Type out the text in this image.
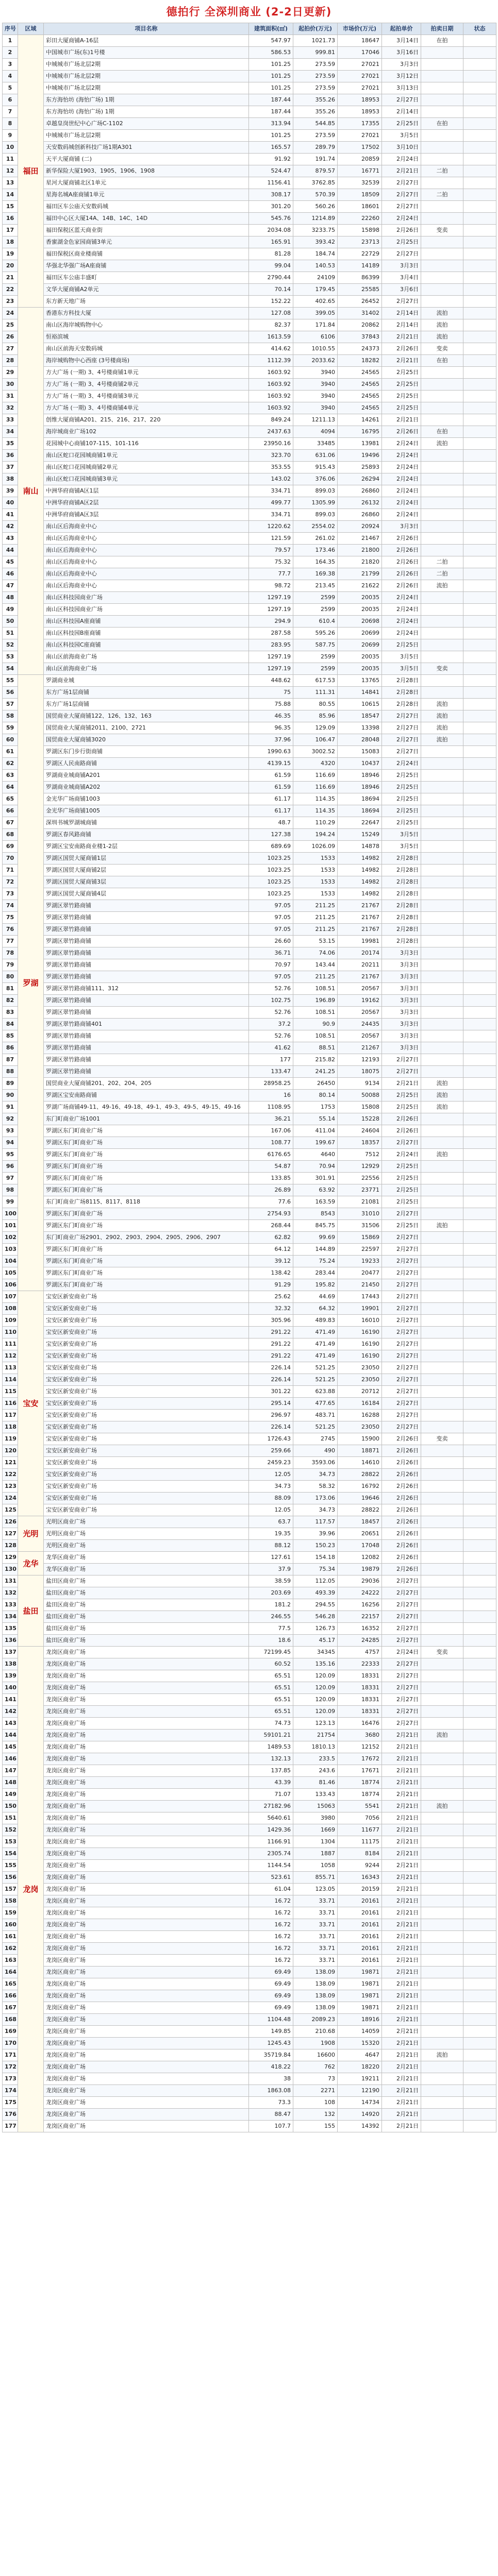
德拍行 全深圳商业 (2-2日更新)
序号	区域	项目名称	建筑面积(㎡)	起拍价(万元)	市场价(万元)	起拍单价	拍卖日期	状态
1	福田	彩田大厦商铺A-16层	547.97	1021.73	18647	3月14日	在拍	
2		中国城市广场(东)1号楼	586.53	999.81	17046	3月16日		
3		中城城市广场北层2期	101.25	273.59	27021	3月3日		
4		中城城市广场北层2期	101.25	273.59	27021	3月12日		
5		中城城市广场北层2期	101.25	273.59	27021	3月13日		
6		东方海怡坊 (海怡广场) 1期	187.44	355.26	18953	2月27日		
7		东方海怡坊 (海怡广场) 1期	187.44	355.26	18953	2月14日		
8		卓越皇岗世纪中心广场C-1102	313.94	544.85	17355	2月25日	在拍	
9		中城城市广场北层2期	101.25	273.59	27021	3月5日		
10		天安数码城创新科技广场1期A301	165.57	289.79	17502	3月10日		
11		天平大厦商铺 (二)	91.92	191.74	20859	2月24日		
12		新华保险大厦1903、1905、1906、1908	524.47	879.57	16771	2月21日	二拍	
13		星河大厦商铺北区1单元	1156.41	3762.85	32539	2月27日		
14		星海名城A座商铺1单元	308.17	570.39	18509	2月27日	二拍	
15		福田区车公庙天安数码城	301.20	560.26	18601	2月27日		
16		福田中心区大厦14A、14B、14C、14D	545.76	1214.89	22260	2月24日		
17		福田保税区蓝天商业街	2034.08	3233.75	15898	2月26日	变卖	
18		香蜜湖金色家园商铺3单元	165.91	393.42	23713	2月25日		
19		福田保税区商业楼商铺	81.28	184.74	22729	2月27日		
20		华强北华强广场A座商铺	99.04	140.53	14189	3月3日		
21		福田区车公庙丰盛町	2790.44	24109	86399	3月4日		
22		文华大厦商铺A2单元	70.14	179.45	25585	3月6日		
23		东方新天地广场	152.22	402.65	26452	2月27日		
24	南山	香港东方科技大厦	127.08	399.05	31402	2月14日	流拍	
25		南山区海岸城购物中心	82.37	171.84	20862	2月14日	流拍	
26		恒裕滨城	1613.59	6106	37843	2月21日	流拍	
27		南山区前海天安数码城	414.62	1010.55	24373	2月26日	变卖	
28		海岸城购物中心西座 (3号楼商场)	1112.39	2033.62	18282	2月21日	在拍	
29		方大广场 (一期) 3、4号楼商铺1单元	1603.92	3940	24565	2月25日		
30		方大广场 (一期) 3、4号楼商铺2单元	1603.92	3940	24565	2月25日		
31		方大广场 (一期) 3、4号楼商铺3单元	1603.92	3940	24565	2月25日		
32		方大广场 (一期) 3、4号楼商铺4单元	1603.92	3940	24565	2月25日		
33		创维大厦商铺A201、215、216、217、220	849.24	1211.13	14261	2月21日		
34		海岸城商业广场102	2437.63	4094	16795	2月26日	在拍	
35		花园城中心商铺107-115、101-116	23950.16	33485	13981	2月24日	流拍	
36		南山区蛇口花园城商铺1单元	323.70	631.06	19496	2月24日		
37		南山区蛇口花园城商铺2单元	353.55	915.43	25893	2月24日		
38		南山区蛇口花园城商铺3单元	143.02	376.06	26294	2月24日		
39		中洲华府商铺A区1层	334.71	899.03	26860	2月24日		
40		中洲华府商铺A区2层	499.77	1305.99	26132	2月24日		
41		中洲华府商铺A区3层	334.71	899.03	26860	2月24日		
42		南山区后海商业中心	1220.62	2554.02	20924	3月3日		
43		南山区后海商业中心	121.59	261.02	21467	2月26日		
44		南山区后海商业中心	79.57	173.46	21800	2月26日		
45		南山区后海商业中心	75.32	164.35	21820	2月26日	二拍	
46		南山区后海商业中心	77.7	169.38	21799	2月26日	二拍	
47		南山区后海商业中心	98.72	213.45	21622	2月26日	流拍	
48		南山区科技园商业广场	1297.19	2599	20035	2月24日		
49		南山区科技园商业广场	1297.19	2599	20035	2月24日		
50		南山区科技园A座商铺	294.9	610.4	20698	2月24日		
51		南山区科技园B座商铺	287.58	595.26	20699	2月24日		
52		南山区科技园C座商铺	283.95	587.75	20699	2月25日		
53		南山区前海商业广场	1297.19	2599	20035	3月5日		
54		南山区前海商业广场	1297.19	2599	20035	3月5日	变卖	
55	罗湖	罗湖商业城	448.62	617.53	13765	2月28日		
56		东方广场1层商铺	75	111.31	14841	2月28日		
57		东方广场1层商铺	75.88	80.55	10615	2月28日	流拍	
58		国贸商业大厦商铺122、126、132、163	46.35	85.96	18547	2月27日	流拍	
59		国贸商业大厦商铺2011、2100、2721	96.35	129.09	13398	2月27日	流拍	
60		国贸商业大厦商铺3020	37.96	106.47	28048	2月27日	流拍	
61		罗湖区东门步行街商铺	1990.63	3002.52	15083	2月27日		
62		罗湖区人民南路商铺	4139.15	4320	10437	2月24日		
63		罗湖商业城商铺A201	61.59	116.69	18946	2月25日		
64		罗湖商业城商铺A202	61.59	116.69	18946	2月25日		
65		金光华广场商铺1003	61.17	114.35	18694	2月25日		
66		金光华广场商铺1005	61.17	114.35	18694	2月25日		
67		深圳书城罗湖城商铺	48.7	110.29	22647	2月25日		
68		罗湖区春风路商铺	127.38	194.24	15249	3月5日		
69		罗湖区宝安南路商业楼1-2层	689.69	1026.09	14878	3月5日		
70		罗湖区国贸大厦商铺1层	1023.25	1533	14982	2月28日		
71		罗湖区国贸大厦商铺2层	1023.25	1533	14982	2月28日		
72		罗湖区国贸大厦商铺3层	1023.25	1533	14982	2月28日		
73		罗湖区国贸大厦商铺4层	1023.25	1533	14982	2月28日		
74		罗湖区翠竹路商铺	97.05	211.25	21767	2月28日		
75		罗湖区翠竹路商铺	97.05	211.25	21767	2月28日		
76		罗湖区翠竹路商铺	97.05	211.25	21767	2月28日		
77		罗湖区翠竹路商铺	26.60	53.15	19981	2月28日		
78		罗湖区翠竹路商铺	36.71	74.06	20174	3月3日		
79		罗湖区翠竹路商铺	70.97	143.44	20211	3月3日		
80		罗湖区翠竹路商铺	97.05	211.25	21767	3月3日		
81		罗湖区翠竹路商铺111、312	52.76	108.51	20567	3月3日		
82		罗湖区翠竹路商铺	102.75	196.89	19162	3月3日		
83		罗湖区翠竹路商铺	52.76	108.51	20567	3月3日		
84		罗湖区翠竹路商铺401	37.2	90.9	24435	3月3日		
85		罗湖区翠竹路商铺	52.76	108.51	20567	3月3日		
86		罗湖区翠竹路商铺	41.62	88.51	21267	3月3日		
87		罗湖区翠竹路商铺	177	215.82	12193	2月27日		
88		罗湖区翠竹路商铺	133.47	241.25	18075	2月27日		
89		国贸商业大厦商铺201、202、204、205	28958.25	26450	9134	2月21日	流拍	
90		罗湖区宝安南路商铺	16	80.14	50088	2月25日	流拍	
91		罗湖广场商铺49-11、49-16、49-18、49-1、49-3、49-5、49-15、49-16	1108.95	1753	15808	2月25日	流拍	
92		东门町商业广场1001	36.21	55.14	15228	2月26日		
93		罗湖区东门町商业广场	167.06	411.04	24604	2月26日		
94		罗湖区东门町商业广场	108.77	199.67	18357	2月27日		
95		罗湖区东门町商业广场	6176.65	4640	7512	2月24日	流拍	
96		罗湖区东门町商业广场	54.87	70.94	12929	2月25日		
97		罗湖区东门町商业广场	133.85	301.91	22556	2月25日		
98		罗湖区东门町商业广场	26.89	63.92	23771	2月25日		
99		东门町商业广场8115、8117、8118	77.6	163.59	21081	2月25日		
100		罗湖区东门町商业广场	2754.93	8543	31010	2月27日		
101		罗湖区东门町商业广场	268.44	845.75	31506	2月25日	流拍	
102		东门町商业广场2901、2902、2903、2904、2905、2906、2907	62.82	99.69	15869	2月27日		
103		罗湖区东门町商业广场	64.12	144.89	22597	2月27日		
104		罗湖区东门町商业广场	39.12	75.24	19233	2月27日		
105		罗湖区东门町商业广场	138.42	283.44	20477	2月27日		
106		罗湖区东门町商业广场	91.29	195.82	21450	2月27日		
107	宝安	宝安区新安商业广场	25.62	44.69	17443	2月27日		
108		宝安区新安商业广场	32.32	64.32	19901	2月27日		
109		宝安区新安商业广场	305.96	489.83	16010	2月27日		
110		宝安区新安商业广场	291.22	471.49	16190	2月27日		
111		宝安区新安商业广场	291.22	471.49	16190	2月27日		
112		宝安区新安商业广场	291.22	471.49	16190	2月27日		
113		宝安区新安商业广场	226.14	521.25	23050	2月27日		
114		宝安区新安商业广场	226.14	521.25	23050	2月27日		
115		宝安区新安商业广场	301.22	623.88	20712	2月27日		
116		宝安区新安商业广场	295.14	477.65	16184	2月27日		
117		宝安区新安商业广场	296.97	483.71	16288	2月27日		
118		宝安区新安商业广场	226.14	521.25	23050	2月27日		
119		宝安区新安商业广场	1726.43	2745	15900	2月26日	变卖	
120		宝安区新安商业广场	259.66	490	18871	2月26日		
121		宝安区新安商业广场	2459.23	3593.06	14610	2月26日		
122		宝安区新安商业广场	12.05	34.73	28822	2月26日		
123		宝安区新安商业广场	34.73	58.32	16792	2月26日		
124		宝安区新安商业广场	88.09	173.06	19646	2月26日		
125		宝安区新安商业广场	12.05	34.73	28822	2月26日		
126	光明	光明区商业广场	63.7	117.57	18457	2月26日		
127		光明区商业广场	19.35	39.96	20651	2月26日		
128		光明区商业广场	88.12	150.23	17048	2月26日		
129	龙华	龙华区商业广场	127.61	154.18	12082	2月26日		
130		龙华区商业广场	37.9	75.34	19879	2月26日		
131	盐田	盐田区商业广场	38.59	112.05	29036	2月27日		
132		盐田区商业广场	203.69	493.39	24222	2月27日		
133		盐田区商业广场	181.2	294.55	16256	2月27日		
134		盐田区商业广场	246.55	546.28	22157	2月27日		
135		盐田区商业广场	77.5	126.73	16352	2月27日		
136		盐田区商业广场	18.6	45.17	24285	2月27日		
137	龙岗	龙岗区商业广场	72199.45	34345	4757	2月24日	变卖	
138		龙岗区商业广场	60.52	135.16	22333	2月27日		
139		龙岗区商业广场	65.51	120.09	18331	2月27日		
140		龙岗区商业广场	65.51	120.09	18331	2月27日		
141		龙岗区商业广场	65.51	120.09	18331	2月27日		
142		龙岗区商业广场	65.51	120.09	18331	2月27日		
143		龙岗区商业广场	74.73	123.13	16476	2月27日		
144		龙岗区商业广场	59101.21	21754	3680	2月21日	流拍	
145		龙岗区商业广场	1489.53	1810.13	12152	2月21日		
146		龙岗区商业广场	132.13	233.5	17672	2月21日		
147		龙岗区商业广场	137.85	243.6	17671	2月21日		
148		龙岗区商业广场	43.39	81.46	18774	2月21日		
149		龙岗区商业广场	71.07	133.43	18774	2月21日		
150		龙岗区商业广场	27182.96	15063	5541	2月21日	流拍	
151		龙岗区商业广场	5640.61	3980	7056	2月21日		
152		龙岗区商业广场	1429.36	1669	11677	2月21日		
153		龙岗区商业广场	1166.91	1304	11175	2月21日		
154		龙岗区商业广场	2305.74	1887	8184	2月21日		
155		龙岗区商业广场	1144.54	1058	9244	2月21日		
156		龙岗区商业广场	523.61	855.71	16343	2月21日		
157		龙岗区商业广场	61.04	123.05	20159	2月21日		
158		龙岗区商业广场	16.72	33.71	20161	2月21日		
159		龙岗区商业广场	16.72	33.71	20161	2月21日		
160		龙岗区商业广场	16.72	33.71	20161	2月21日		
161		龙岗区商业广场	16.72	33.71	20161	2月21日		
162		龙岗区商业广场	16.72	33.71	20161	2月21日		
163		龙岗区商业广场	16.72	33.71	20161	2月21日		
164		龙岗区商业广场	69.49	138.09	19871	2月21日		
165		龙岗区商业广场	69.49	138.09	19871	2月21日		
166		龙岗区商业广场	69.49	138.09	19871	2月21日		
167		龙岗区商业广场	69.49	138.09	19871	2月21日		
168		龙岗区商业广场	1104.48	2089.23	18916	2月21日		
169		龙岗区商业广场	149.85	210.68	14059	2月21日		
170		龙岗区商业广场	1245.43	1908	15320	2月21日		
171		龙岗区商业广场	35719.84	16600	4647	2月21日	流拍	
172		龙岗区商业广场	418.22	762	18220	2月21日		
173		龙岗区商业广场	38	73	19211	2月21日		
174		龙岗区商业广场	1863.08	2271	12190	2月21日		
175		龙岗区商业广场	73.3	108	14734	2月21日		
176		龙岗区商业广场	88.47	132	14920	2月21日		
177		龙岗区商业广场	107.7	155	14392	2月21日		
